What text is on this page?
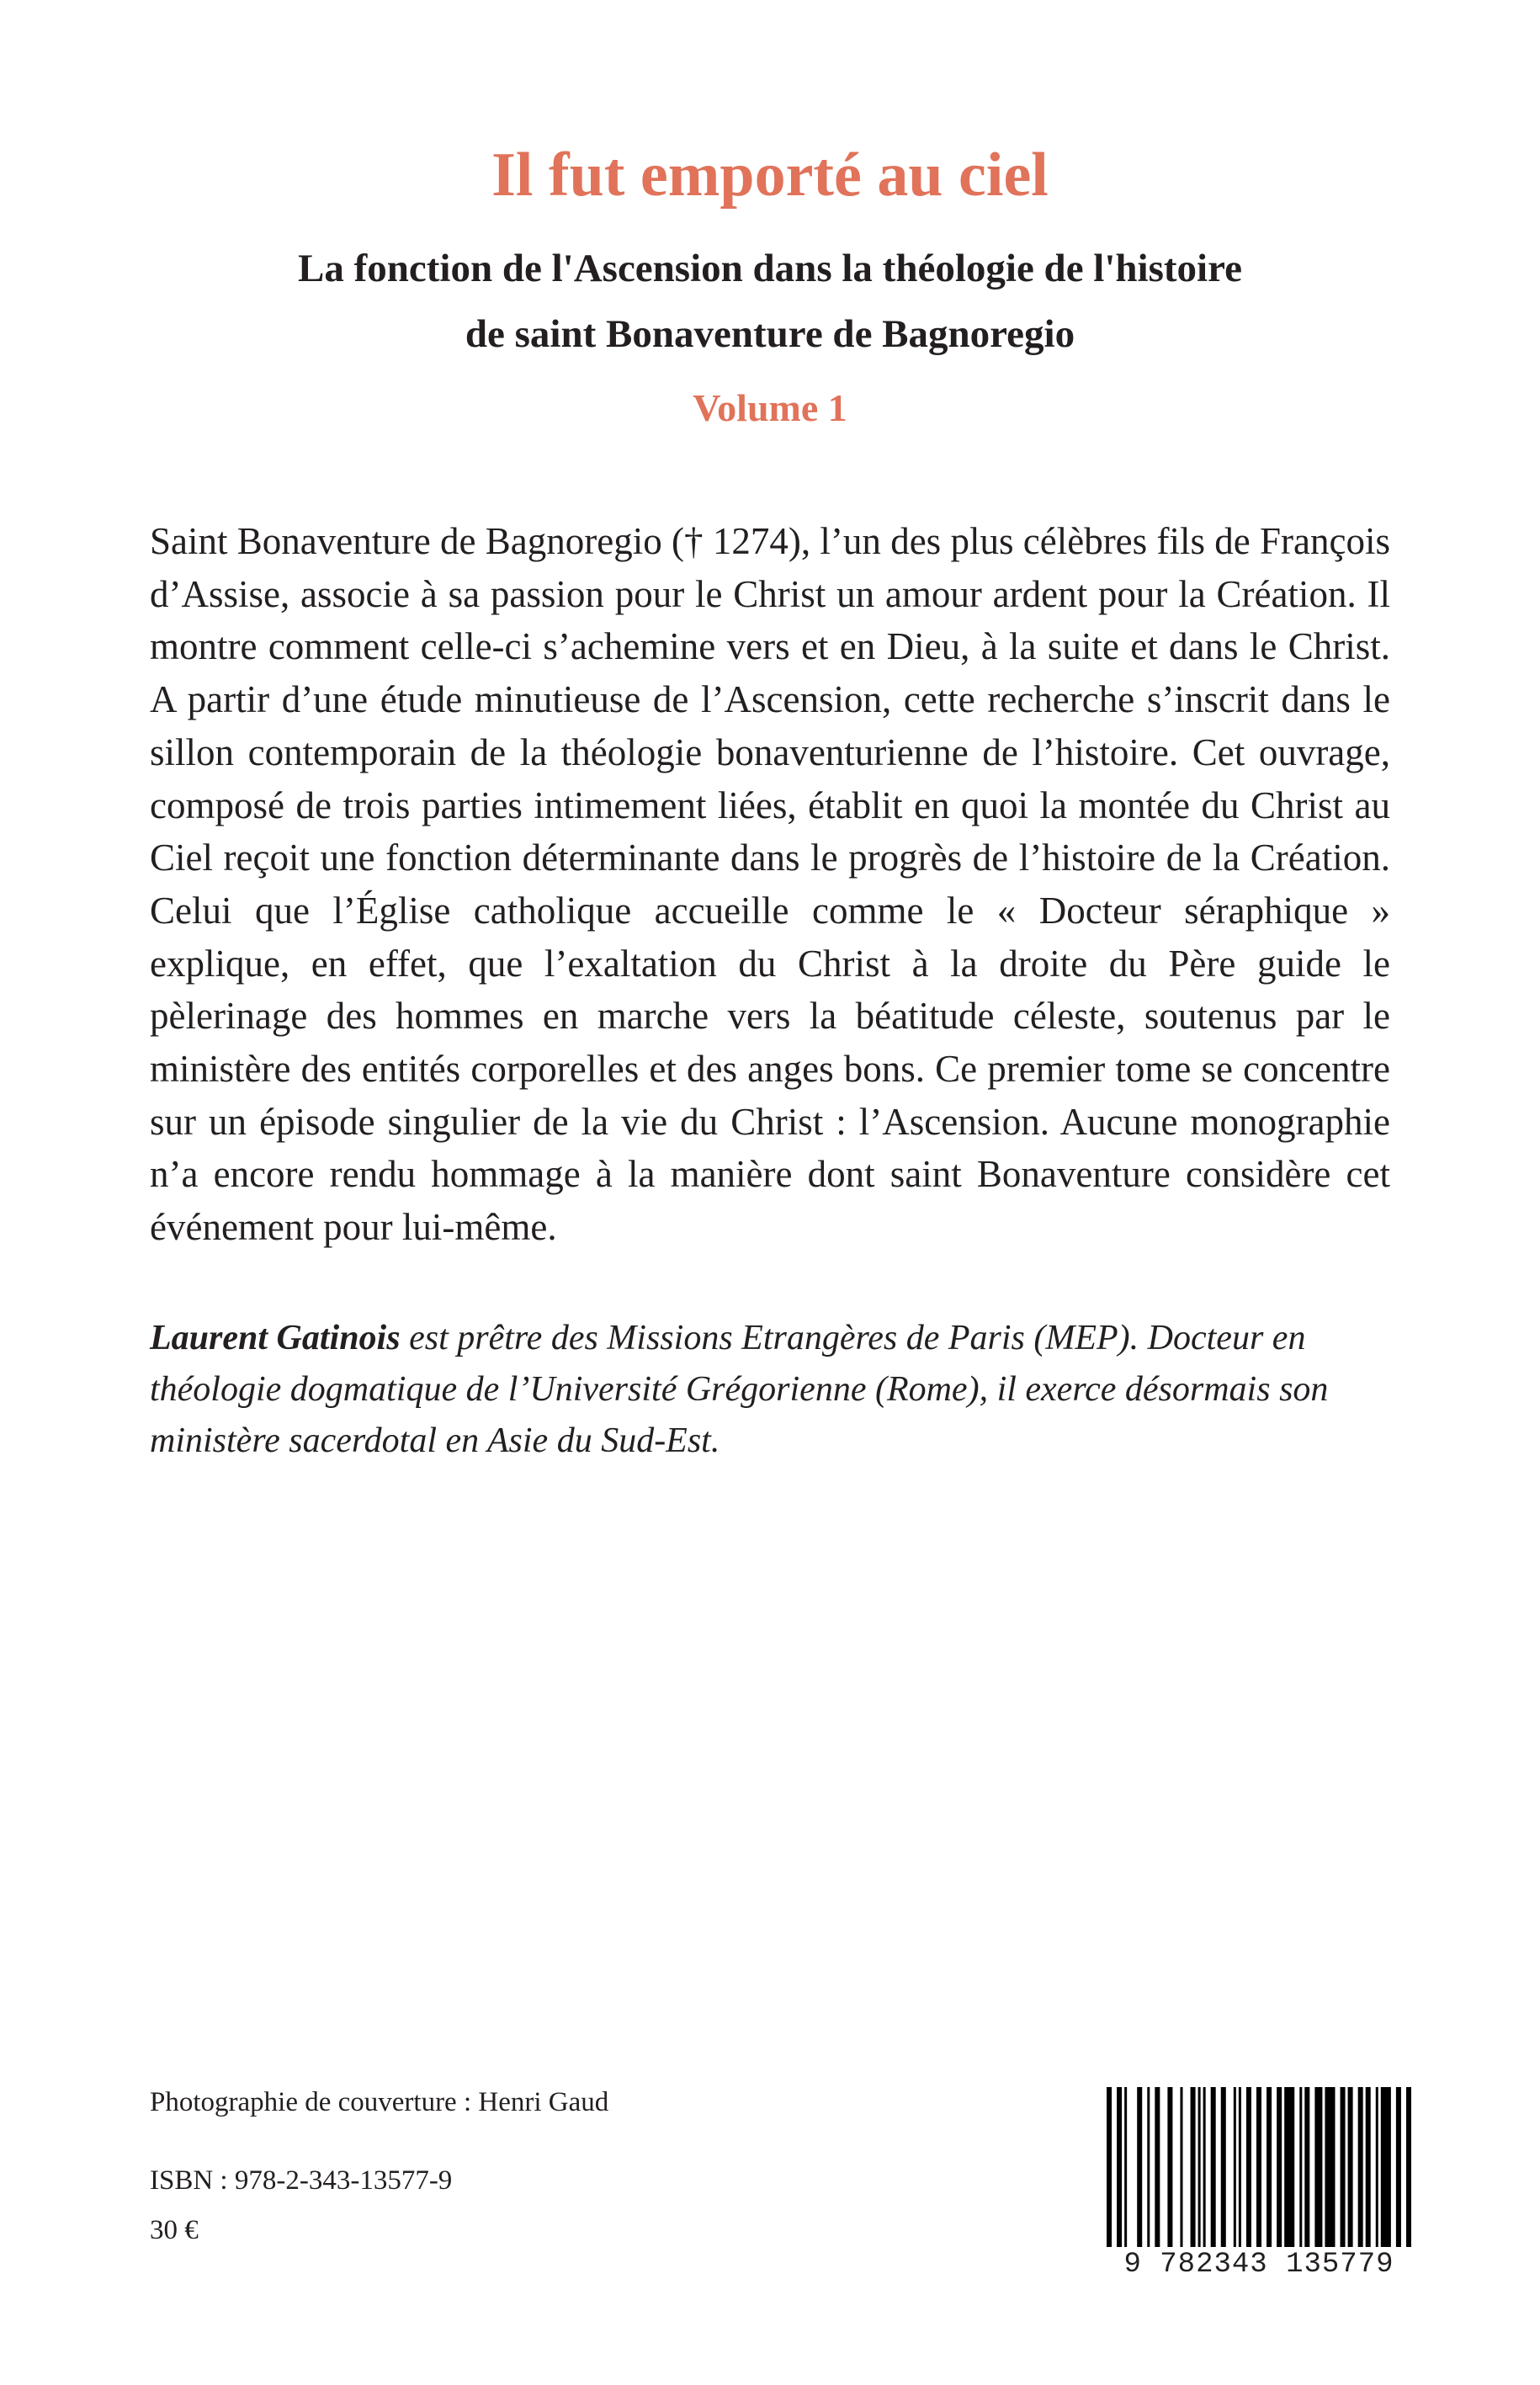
Il fut emporté au ciel
La fonction de l'Ascension dans la théologie de l'histoire
de saint Bonaventure de Bagnoregio
Volume 1

Saint Bonaventure de Bagnoregio († 1274), l’un des plus célèbres fils de François d’Assise, associe à sa passion pour le Christ un amour ardent pour la Création. Il montre comment celle-ci s’achemine vers et en Dieu, à la suite et dans le Christ. A partir d’une étude minutieuse de l’Ascension, cette recherche s’inscrit dans le sillon contemporain de la théologie bonaventurienne de l’histoire. Cet ouvrage, composé de trois parties intimement liées, établit en quoi la montée du Christ au Ciel reçoit une fonction déterminante dans le progrès de l’histoire de la Création. Celui que l’Église catholique accueille comme le « Docteur séraphique » explique, en effet, que l’exaltation du Christ à la droite du Père guide le pèlerinage des hommes en marche vers la béatitude céleste, soutenus par le ministère des entités corporelles et des anges bons. Ce premier tome se concentre sur un épisode singulier de la vie du Christ : l’Ascension. Aucune monographie n’a encore rendu hommage à la manière dont saint Bonaventure considère cet événement pour lui-même.

Laurent Gatinois est prêtre des Missions Etrangères de Paris (MEP). Docteur en théologie dogmatique de l’Université Grégorienne (Rome), il exerce désormais son ministère sacerdotal en Asie du Sud-Est.

Photographie de couverture : Henri Gaud
ISBN : 978-2-343-13577-9
30 €
9 782343 135779
